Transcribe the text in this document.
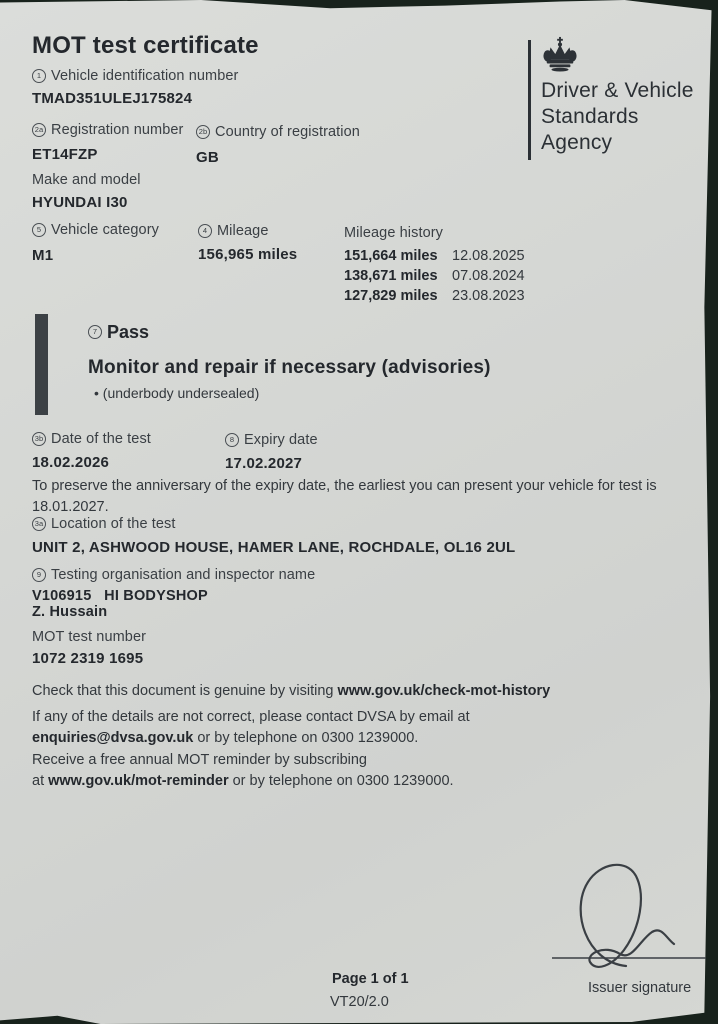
MOT test certificate
Driver & Vehicle
Standards
Agency
1 Vehicle identification number
TMAD351ULEJ175824
2a Registration number
ET14FZP
2b Country of registration
GB
Make and model
HYUNDAI I30
5 Vehicle category
M1
4 Mileage
156,965 miles
Mileage history
151,664 miles 12.08.2025
138,671 miles 07.08.2024
127,829 miles 23.08.2023
7 Pass
Monitor and repair if necessary (advisories)
• (underbody undersealed)
3b Date of the test
18.02.2026
8 Expiry date
17.02.2027
To preserve the anniversary of the expiry date, the earliest you can present your vehicle for test is 18.01.2027.
3a Location of the test
UNIT 2, ASHWOOD HOUSE, HAMER LANE, ROCHDALE, OL16 2UL
9 Testing organisation and inspector name
V106915   HI BODYSHOP
Z. Hussain
MOT test number
1072 2319 1695
Check that this document is genuine by visiting www.gov.uk/check-mot-history
If any of the details are not correct, please contact DVSA by email at enquiries@dvsa.gov.uk or by telephone on 0300 1239000.
Receive a free annual MOT reminder by subscribing
at www.gov.uk/mot-reminder or by telephone on 0300 1239000.
Issuer signature
Page 1 of 1
VT20/2.0
